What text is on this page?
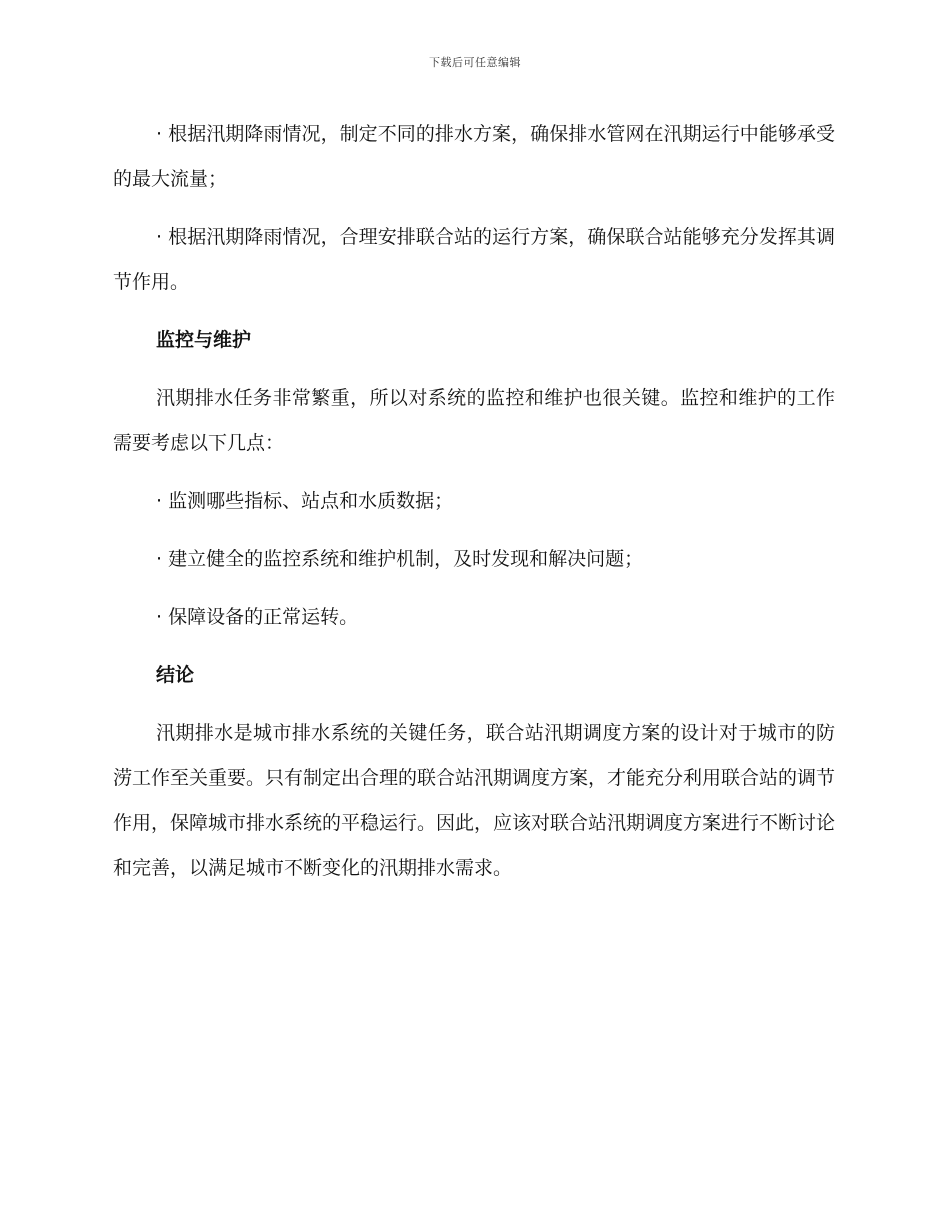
下载后可任意编辑

· 根据汛期降雨情况，制定不同的排水方案，确保排水管网在汛期运行中能够承受的最大流量；

· 根据汛期降雨情况，合理安排联合站的运行方案，确保联合站能够充分发挥其调节作用。

监控与维护

汛期排水任务非常繁重，所以对系统的监控和维护也很关键。监控和维护的工作需要考虑以下几点：

· 监测哪些指标、站点和水质数据；

· 建立健全的监控系统和维护机制，及时发现和解决问题；

· 保障设备的正常运转。

结论

汛期排水是城市排水系统的关键任务，联合站汛期调度方案的设计对于城市的防涝工作至关重要。只有制定出合理的联合站汛期调度方案，才能充分利用联合站的调节作用，保障城市排水系统的平稳运行。因此，应该对联合站汛期调度方案进行不断讨论和完善，以满足城市不断变化的汛期排水需求。
